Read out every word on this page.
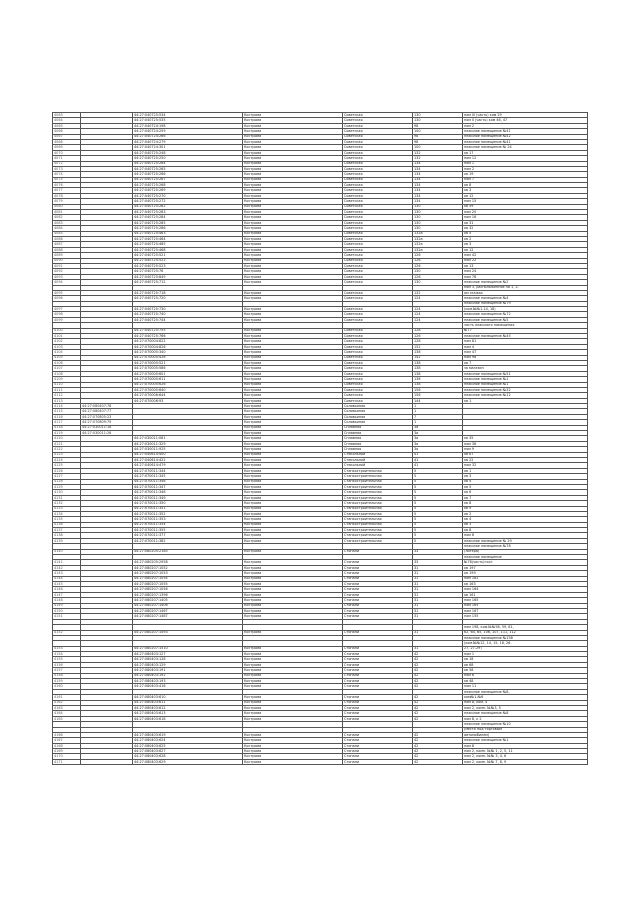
4063		44:27:040725:534	Кострома	Советская	130	пом III (часть) ком 29
4064		44:27:040725:535	Кострома	Советская	130	пом II (часть) ком 46, 47
4065		44:27:040724:198	Кострома	Советская	98	пом 2
4066		44:27:040724:259	Кострома	Советская	100	нежилое помещение №41
4067		44:27:040724:266	Кострома	Советская	98	нежилое помещение №42
4068		44:27:040724:279	Кострома	Советская	98	нежилое помещение №41
4069		44:27:040724:301	Кострома	Советская	100	нежилое помещение № 24
4070		44:27:040725:248	Кострома	Советская	132	кв 17
4071		44:27:040725:250	Кострома	Советская	132	пом 12
4072		44:27:040725:264	Кострома	Советская	134	пом 1
4073		44:27:040725:265	Кострома	Советская	134	пом 2
4074		44:27:040725:266	Кострома	Советская	134	кв 19
4075		44:27:040725:267	Кострома	Советская	134	пом 7
4076		44:27:040725:268	Кострома	Советская	134	кв 8
4077		44:27:040725:269	Кострома	Советская	134	кв 3
4078		44:27:040725:270	Кострома	Советская	134	кв 12
4079		44:27:040725:272	Кострома	Советская	134	пом 15
4080		44:27:040725:282	Кострома	Советская	130	кв 59
4081		44:27:040725:283	Кострома	Советская	130	пом 20
4082		44:27:040725:284	Кострома	Советская	130	пом 16
4083		44:27:040725:285	Кострома	Советская	130	кв 31
4084		44:27:040725:286	Кострома	Советская	130	кв 32
4085		44:27:040725:463	Кострома	Советская	132а	кв 5
4086		44:27:040725:464	Кострома	Советская	132а	кв 2
4087		44:27:040725:465	Кострома	Советская	132а	кв 3
4088		44:27:040725:468	Кострома	Советская	132а	кв 12
4089		44:27:040725:521	Кострома	Советская	126	пом 42
4090		44:27:040725:522	Кострома	Советская	126	пом 22
4091		44:27:040725:523	Кострома	Советская	126	кв 13
4092		44:27:040725:76	Кострома	Советская	130	пом 24
4093		44:27:040725:849	Кострома	Советская	126	пом 76
4094		44:27:040725:712	Кострома	Советская	130	нежилое помещение №2
						пом 3, расположенное на 1, 2-
4095		44:27:040725:718	Кострома	Советская	132	ом этажах
4096		44:27:040725:720	Кострома	Советская	124	нежилое помещение №4
						нежилое помещение №79
4097		44:27:040725:730	Кострома	Советская	124	(ком.№№1-14, 18)
4098		44:27:040725:740	Кострома	Советская	124	нежилое помещение №72
4099		44:27:040725:744	Кострома	Советская	124	нежилое помещение №5
						часть нежилого помещения
4100		44:27:040725:755	Кострома	Советская	128	№77
4101		44:27:040725:766	Кострома	Советская	126	нежилое помещение №45
4102		44:27:070004:822	Кострома	Советская	128	пом 81
4103		44:27:070004:826	Кострома	Советская	152	пом 4
4104		44:27:070005:340	Кострома	Советская	138	пом 47
4105		44:27:070005:426	Кострома	Советская	142	пом 98
4106		44:27:070005:521	Кострома	Советская	138	кв 7
4107		44:27:070005:586	Кострома	Советская	138	за магазин
4108		44:27:070005:601	Кострома	Советская	138	нежилое помещение №51
4109		44:27:070005:611	Кострома	Советская	138	нежилое помещение №1
4110		44:27:070005:626	Кострома	Советская	138	нежилое помещение №1
4111		44:27:070005:640	Кострома	Советская	156	нежилое помещение №32
4112		44:27:070006:644	Кострома	Советская	156	нежилое помещение №12
4113		44:27:070006:93	Кострома	Советская	144	кв 1
4114	44:27:080407:78		Кострома	Соловьиная	1	
4115	44:27:080407:77		Кострома	Соловьиная	1	
4116	44:27:070805:23		Кострома	Соловьиная	7	
4117	44:27:070809:79		Кострома	Соловьиная	1	
4118	44:27:030011:18		Кострома	Сплавная	3а	
4119	44:27:030011:26		Кострома	Сплавная	3а	
4120		44:27:030011:081	Кострома	Сплавная	3а	кв 35
4121		44:27:030011:329	Кострома	Сплавная	3а	пом 36
4122		44:27:030011:925	Кострома	Сплавная	3а	пом 9
4123		44:27:040614:400	Кострома	Стекольной	41	кв 67
4124		44:27:040614:422	Кострома	Стекольной	41	кв 22
4125		44:27:040614:479	Кострома	Стекольной	41	пом 32
4126		44:27:070011:344	Кострома	Станкостроительная	5	кв 1
4127		44:27:070011:345	Кострома	Станкостроительная	5	кв 3
4128		44:27:070011:346	Кострома	Станкостроительная	5	кв 4
4129		44:27:070011:347	Кострома	Станкостроительная	5	кв 5
4130		44:27:070011:348	Кострома	Станкостроительная	5	кв 6
4131		44:27:070011:349	Кострома	Станкостроительная	5	кв 7
4132		44:27:070011:350	Кострома	Станкостроительная	5	кв 8
4133		44:27:070011:351	Кострома	Станкостроительная	5	кв 9
4134		44:27:070011:352	Кострома	Станкостроительная	5	кв 2
4135		44:27:070011:353	Кострома	Станкостроительная	5	кв 4
4136		44:27:070011:354	Кострома	Станкостроительная	5	кв 3
4137		44:27:070011:355	Кострома	Станкостроительная	5	кв 8
4138		44:27:070011:377	Кострома	Станкостроительная	5	пом 6
4139		44:27:070011:382	Кострома	Станкостроительная	5	нежилое помещение № 29
						нежилое помещение №78
4140		44:27:080205:2185	Кострома	Стопани	33	(литера)
						нежилое помещение
4141		44:27:080205:2958	Кострома	Стопани	33	№78(часть)»ко»
4142		44:27:080207:1052	Кострома	Стопани	31	кв 197
4143		44:27:080207:1053	Кострома	Стопани	31	кв 199
4144		44:27:080207:1054	Кострома	Стопани	31	пом 162
4145		44:27:080207:1055	Кострома	Стопани	31	кв 163
4146		44:27:080207:1056	Кострома	Стопани	31	пом 164
4147		44:27:080207:1396	Кострома	Стопани	31	кв 161
4148		44:27:080207:1405	Кострома	Стопани	31	пом 165
4149		44:27:080207:1406	Кострома	Стопани	31	пом 165
4150		44:27:080207:1467	Кострома	Стопани	31	пом 167
4151		44:27:080207:1487	Кострома	Стопани	31	пом 155

						пом 198, ком.№№58, 59, 61,
4152		44:27:080207:1493	Кострома	Стопани	31	62, 64, 65, 106, 107, 111, 112
						нежилое помещение №158
						(ком.№№12, 14, 15, 18, 26-
4153		44:27:080207:1510	Кострома	Стопани	31	27, 27-29)
4154		44:27:080403:127	Кострома	Стопани	42	пом 1
4155		44:27:080403:128	Кострома	Стопани	42	кв 18
4156		44:27:080403:129	Кострома	Стопани	42	кв 68
4157		44:27:080403:191	Кострома	Стопани	42	кв 58
4158		44:27:080403:192	Кострома	Стопани	42	пом 6
4159		44:27:080403:193	Кострома	Стопани	42	кв 48
4160		44:27:080403:416	Кострома	Стопани	42	пом 11
						нежилое помещение №8,
4161		44:27:080403:610	Кострома	Стопани	42	ком№1-№6
4162		44:27:080403:611	Кострома	Стопани	42	пом 8, ком. 4
4163		44:27:080403:612	Кострома	Стопани	42	пом 2, комн. №№3, 5
4164		44:27:080403:613	Кострома	Стопани	42	нежилое помещение №8
4165		44:27:080403:618	Кострома	Стопани	42	пом 8, к 2
						нежилое помещение №10
						(место под торговым
4166		44:27:080403:619	Кострома	Стопани	42	автомобилем)
4167		44:27:080403:624	Кострома	Стопани	42	нежилое помещение №1
4168		44:27:080403:625	Кострома	Стопани	42	пом 8
4169		44:27:080403:627	Кострома	Стопани	42	пом 2, комн. №№ 1, 2, 5, 11
4170		44:27:080403:628	Кострома	Стопани	42	пом 2, комн. №№ 3, 4, 6
4171		44:27:080403:629	Кострома	Стопани	42	пом 2, комн. №№ 7, 8, 9
